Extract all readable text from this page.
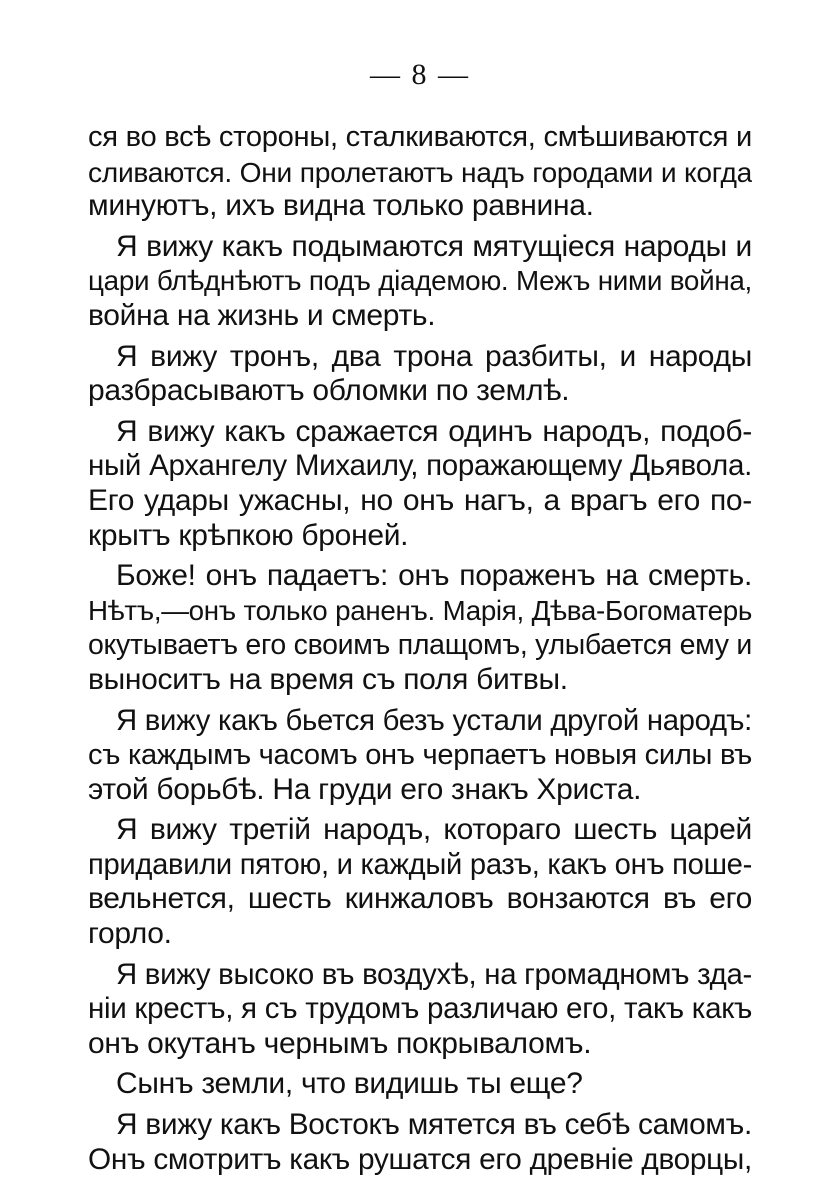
— 8 —
ся во всѣ стороны, сталкиваются, смѣшиваются и
сливаются. Они пролетаютъ надъ городами и когда
минуютъ, ихъ видна только равнина.
Я вижу какъ подымаются мятущіеся народы и
цари блѣднѣютъ подъ діадемою. Межъ ними война,
война на жизнь и смерть.
Я вижу тронъ, два трона разбиты, и народы
разбрасываютъ обломки по землѣ.
Я вижу какъ сражается одинъ народъ, подоб-
ный Архангелу Михаилу, поражающему Дьявола.
Его удары ужасны, но онъ нагъ, а врагъ его по-
крытъ крѣпкою броней.
Боже! онъ падаетъ: онъ пораженъ на смерть.
Нѣтъ,—онъ только раненъ. Марія, Дѣва-Богоматерь
окутываетъ его своимъ плащомъ, улыбается ему и
выноситъ на время съ поля битвы.
Я вижу какъ бьется безъ устали другой народъ:
съ каждымъ часомъ онъ черпаетъ новыя силы въ
этой борьбѣ. На груди его знакъ Христа.
Я вижу третій народъ, котораго шесть царей
придавили пятою, и каждый разъ, какъ онъ поше-
вельнется, шесть кинжаловъ вонзаются въ его
горло.
Я вижу высоко въ воздухѣ, на громадномъ зда-
ніи крестъ, я съ трудомъ различаю его, такъ какъ
онъ окутанъ чернымъ покрываломъ.
Сынъ земли, что видишь ты еще?
Я вижу какъ Востокъ мятется въ себѣ самомъ.
Онъ смотритъ какъ рушатся его древніе дворцы,
